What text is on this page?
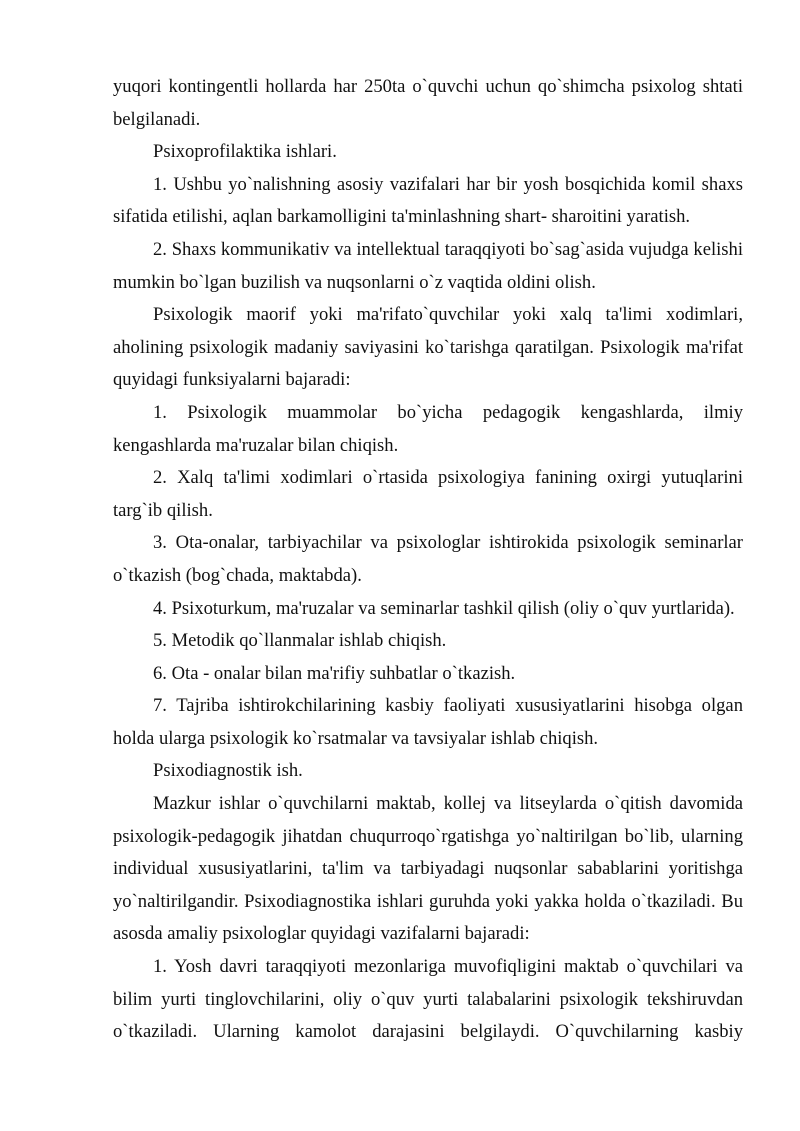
yuqori kontingentli hollarda har 250ta o`quvchi uchun qo`shimcha psixolog shtati belgilanadi.

Psixoprofilaktika ishlari.

1. Ushbu yo`nalishning asosiy vazifalari har bir yosh bosqichida komil shaxs sifatida etilishi, aqlan barkamolligini ta'minlashning shart- sharoitini yaratish.

2. Shaxs kommunikativ va intellektual taraqqiyoti bo`sag`asida vujudga kelishi mumkin bo`lgan buzilish va nuqsonlarni o`z vaqtida oldini olish.

Psixologik maorif yoki ma'rifato`quvchilar yoki xalq ta'limi xodimlari, aholining psixologik madaniy saviyasini ko`tarishga qaratilgan. Psixologik ma'rifat quyidagi funksiyalarni bajaradi:

1. Psixologik muammolar bo`yicha pedagogik kengashlarda, ilmiy kengashlarda ma'ruzalar bilan chiqish.

2. Xalq ta'limi xodimlari o`rtasida psixologiya fanining oxirgi yutuqlarini targ`ib qilish.

3. Ota-onalar, tarbiyachilar va psixologlar ishtirokida psixologik seminarlar o`tkazish (bog`chada, maktabda).

4. Psixoturkum, ma'ruzalar va seminarlar tashkil qilish (oliy o`quv yurtlarida).

5. Metodik qo`llanmalar ishlab chiqish.

6. Ota - onalar bilan ma'rifiy suhbatlar o`tkazish.

7. Tajriba ishtirokchilarining kasbiy faoliyati xususiyatlarini hisobga olgan holda ularga psixologik ko`rsatmalar va tavsiyalar ishlab chiqish.

Psixodiagnostik ish.

Mazkur ishlar o`quvchilarni maktab, kollej va litseylarda o`qitish davomida psixologik-pedagogik jihatdan chuqurroqo`rgatishga yo`naltirilgan bo`lib, ularning individual xususiyatlarini, ta'lim va tarbiyadagi nuqsonlar sabablarini yoritishga yo`naltirilgandir. Psixodiagnostika ishlari guruhda yoki yakka holda o`tkaziladi. Bu asosda amaliy psixologlar quyidagi vazifalarni bajaradi:

1. Yosh davri taraqqiyoti mezonlariga muvofiqligini maktab o`quvchilari va bilim yurti tinglovchilarini, oliy o`quv yurti talabalarini psixologik tekshiruvdan o`tkaziladi. Ularning kamolot darajasini belgilaydi. O`quvchilarning kasbiy
